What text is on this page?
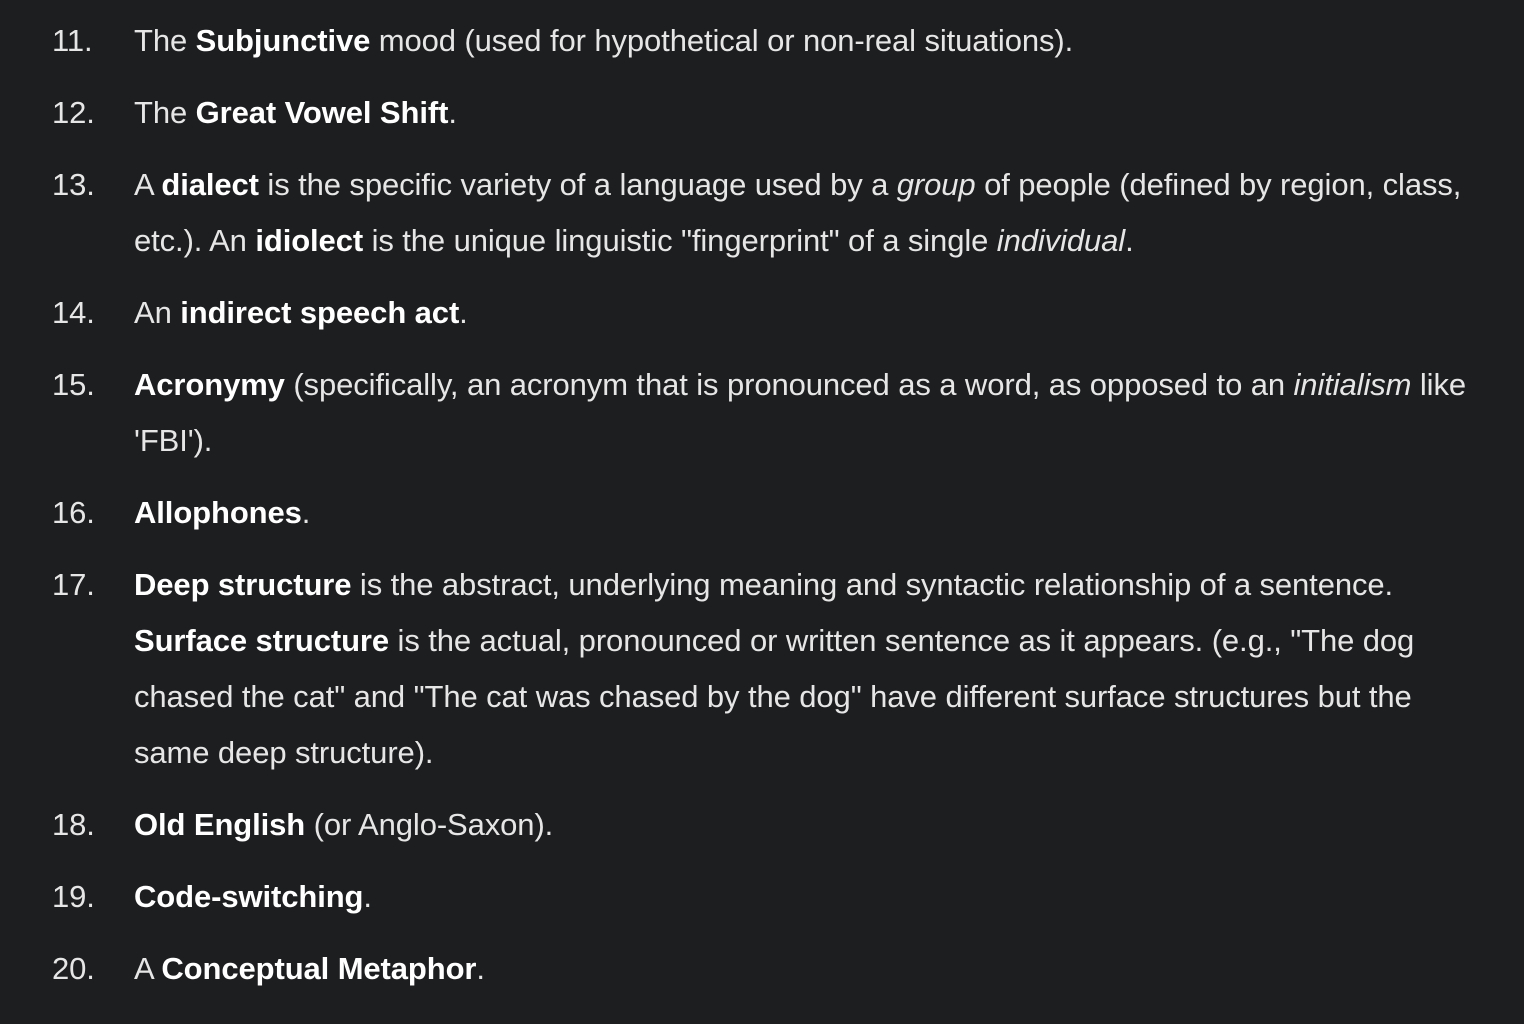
11.	The Subjunctive mood (used for hypothetical or non-real situations).
12.	The Great Vowel Shift.
13.	A dialect is the specific variety of a language used by a group of people (defined by region, class, etc.). An idiolect is the unique linguistic "fingerprint" of a single individual.
14.	An indirect speech act.
15.	Acronymy (specifically, an acronym that is pronounced as a word, as opposed to an initialism like 'FBI').
16.	Allophones.
17.	Deep structure is the abstract, underlying meaning and syntactic relationship of a sentence. Surface structure is the actual, pronounced or written sentence as it appears. (e.g., "The dog chased the cat" and "The cat was chased by the dog" have different surface structures but the same deep structure).
18.	Old English (or Anglo-Saxon).
19.	Code-switching.
20.	A Conceptual Metaphor.
